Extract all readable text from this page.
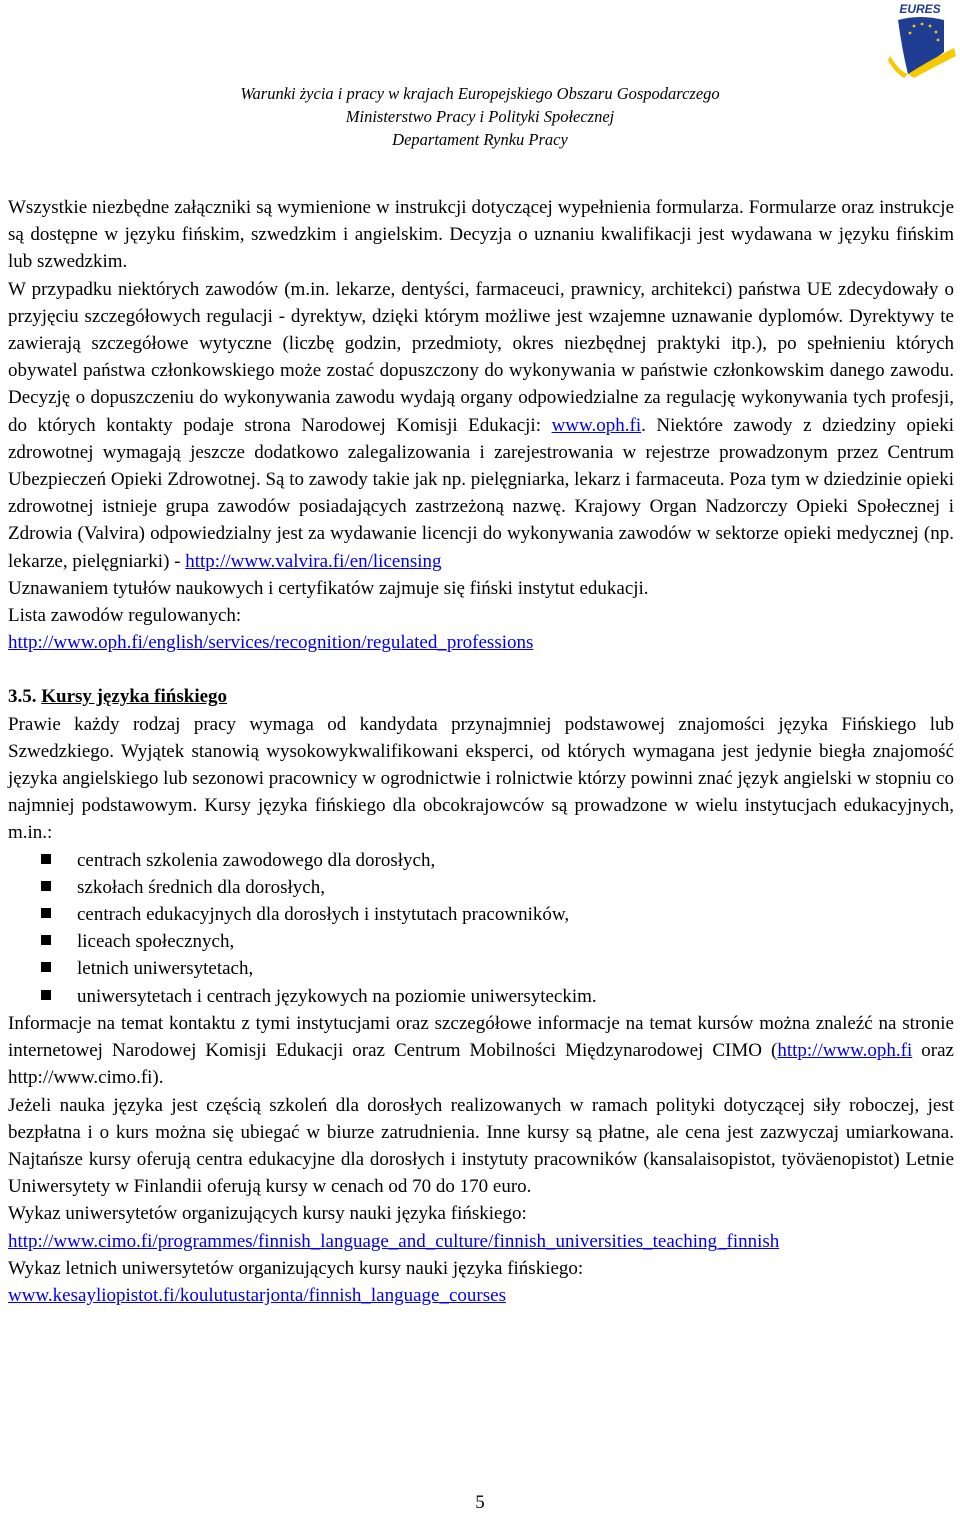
EURES
Warunki życia i pracy w krajach Europejskiego Obszaru Gospodarczego
Ministerstwo Pracy i Polityki Społecznej
Departament Rynku Pracy

Wszystkie niezbędne załączniki są wymienione w instrukcji dotyczącej wypełnienia formularza. Formularze oraz instrukcje są dostępne w języku fińskim, szwedzkim i angielskim. Decyzja o uznaniu kwalifikacji jest wydawana w języku fińskim lub szwedzkim.

W przypadku niektórych zawodów (m.in. lekarze, dentyści, farmaceuci, prawnicy, architekci) państwa UE zdecydowały o przyjęciu szczegółowych regulacji - dyrektyw, dzięki którym możliwe jest wzajemne uznawanie dyplomów. Dyrektywy te zawierają szczegółowe wytyczne (liczbę godzin, przedmioty, okres niezbędnej praktyki itp.), po spełnieniu których obywatel państwa członkowskiego może zostać dopuszczony do wykonywania w państwie członkowskim danego zawodu. Decyzję o dopuszczeniu do wykonywania zawodu wydają organy odpowiedzialne za regulację wykonywania tych profesji, do których kontakty podaje strona Narodowej Komisji Edukacji: www.oph.fi. Niektóre zawody z dziedziny opieki zdrowotnej wymagają jeszcze dodatkowo zalegalizowania i zarejestrowania w rejestrze prowadzonym przez Centrum Ubezpieczeń Opieki Zdrowotnej. Są to zawody takie jak np. pielęgniarka, lekarz i farmaceuta. Poza tym w dziedzinie opieki zdrowotnej istnieje grupa zawodów posiadających zastrzeżoną nazwę. Krajowy Organ Nadzorczy Opieki Społecznej i Zdrowia (Valvira) odpowiedzialny jest za wydawanie licencji do wykonywania zawodów w sektorze opieki medycznej (np. lekarze, pielęgniarki) - http://www.valvira.fi/en/licensing

Uznawaniem tytułów naukowych i certyfikatów zajmuje się fiński instytut edukacji.

Lista zawodów regulowanych:

http://www.oph.fi/english/services/recognition/regulated_professions

3.5. Kursy języka fińskiego

Prawie każdy rodzaj pracy wymaga od kandydata przynajmniej podstawowej znajomości języka Fińskiego lub Szwedzkiego. Wyjątek stanowią wysokowykwalifikowani eksperci, od których wymagana jest jedynie biegła znajomość języka angielskiego lub sezonowi pracownicy w ogrodnictwie i rolnictwie którzy powinni znać język angielski w stopniu co najmniej podstawowym. Kursy języka fińskiego dla obcokrajowców są prowadzone w wielu instytucjach edukacyjnych, m.in.:

centrach szkolenia zawodowego dla dorosłych,
szkołach średnich dla dorosłych,
centrach edukacyjnych dla dorosłych i instytutach pracowników,
liceach społecznych,
letnich uniwersytetach,
uniwersytetach i centrach językowych na poziomie uniwersyteckim.

Informacje na temat kontaktu z tymi instytucjami oraz szczegółowe informacje na temat kursów można znaleźć na stronie internetowej Narodowej Komisji Edukacji oraz Centrum Mobilności Międzynarodowej CIMO (http://www.oph.fi oraz http://www.cimo.fi).

Jeżeli nauka języka jest częścią szkoleń dla dorosłych realizowanych w ramach polityki dotyczącej siły roboczej, jest bezpłatna i o kurs można się ubiegać w biurze zatrudnienia. Inne kursy są płatne, ale cena jest zazwyczaj umiarkowana. Najtańsze kursy oferują centra edukacyjne dla dorosłych i instytuty pracowników (kansalaisopistot, työväenopistot) Letnie Uniwersytety w Finlandii oferują kursy w cenach od 70 do 170 euro.

Wykaz uniwersytetów organizujących kursy nauki języka fińskiego:

http://www.cimo.fi/programmes/finnish_language_and_culture/finnish_universities_teaching_finnish

Wykaz letnich uniwersytetów organizujących kursy nauki języka fińskiego:

www.kesayliopistot.fi/koulutustarjonta/finnish_language_courses

5
